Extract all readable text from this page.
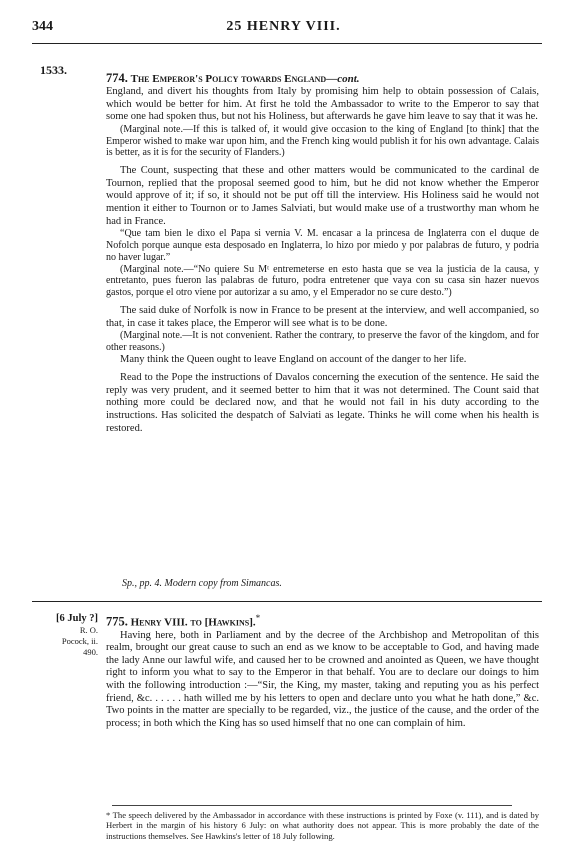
344	25 HENRY VIII.
1533.
774. The Emperor's Policy towards England—cont.

England, and divert his thoughts from Italy by promising him help to obtain possession of Calais, which would be better for him. At first he told the Ambassador to write to the Emperor to say that some one had spoken thus, but not his Holiness, but afterwards he gave him leave to say that it was he.

(Marginal note.—If this is talked of, it would give occasion to the king of England [to think] that the Emperor wished to make war upon him, and the French king would publish it for his own advantage. Calais is better, as it is for the security of Flanders.)

The Count, suspecting that these and other matters would be communicated to the cardinal de Tournon, replied that the proposal seemed good to him, but he did not know whether the Emperor would approve of it; if so, it should not be put off till the interview. His Holiness said he would not mention it either to Tournon or to James Salviati, but would make use of a trustworthy man whom he had in France.

“Que tam bien le dixo el Papa si vernia V. M. encasar a la princesa de Inglaterra con el duque de Nofolch porque aunque esta desposado en Inglaterra, lo hizo por miedo y por palabras de futuro, y podria no haver lugar.”

(Marginal note.—“No quiere Su Mᵗ entremeterse en esto hasta que se vea la justicia de la causa, y entretanto, pues fueron las palabras de futuro, podra entretener que vaya con su casa sin hazer nuevos gastos, porque el otro viene por autorizar a su amo, y el Emperador no se cure desto.”)

The said duke of Norfolk is now in France to be present at the interview, and well accompanied, so that, in case it takes place, the Emperor will see what is to be done.

(Marginal note.—It is not convenient. Rather the contrary, to preserve the favor of the kingdom, and for other reasons.)

Many think the Queen ought to leave England on account of the danger to her life.

Read to the Pope the instructions of Davalos concerning the execution of the sentence. He said the reply was very prudent, and it seemed better to him that it was not determined. The Count said that nothing more could be declared now, and that he would not fail in his duty according to the instructions. Has solicited the despatch of Salviati as legate. Thinks he will come when his health is restored.

Sp., pp. 4. Modern copy from Simancas.
[6 July ?]
R. O.
Pocock, ii.
490.
775. Henry VIII. to [Hawkins].*

Having here, both in Parliament and by the decree of the Archbishop and Metropolitan of this realm, brought our great cause to such an end as we know to be acceptable to God, and having made the lady Anne our lawful wife, and caused her to be crowned and anointed as Queen, we have thought right to inform you what to say to the Emperor in that behalf. You are to declare our doings to him with the following introduction :—“Sir, the King, my master, taking and reputing you as his perfect friend, &c. . . . . . hath willed me by his letters to open and declare unto you what he hath done,” &c. Two points in the matter are specially to be regarded, viz., the justice of the cause, and the order of the process; in both which the King has so used himself that no one can complain of him.

* The speech delivered by the Ambassador in accordance with these instructions is printed by Foxe (v. 111), and is dated by Herbert in the margin of his history 6 July: on what authority does not appear. This is more probably the date of the instructions themselves. See Hawkins's letter of 18 July following.
